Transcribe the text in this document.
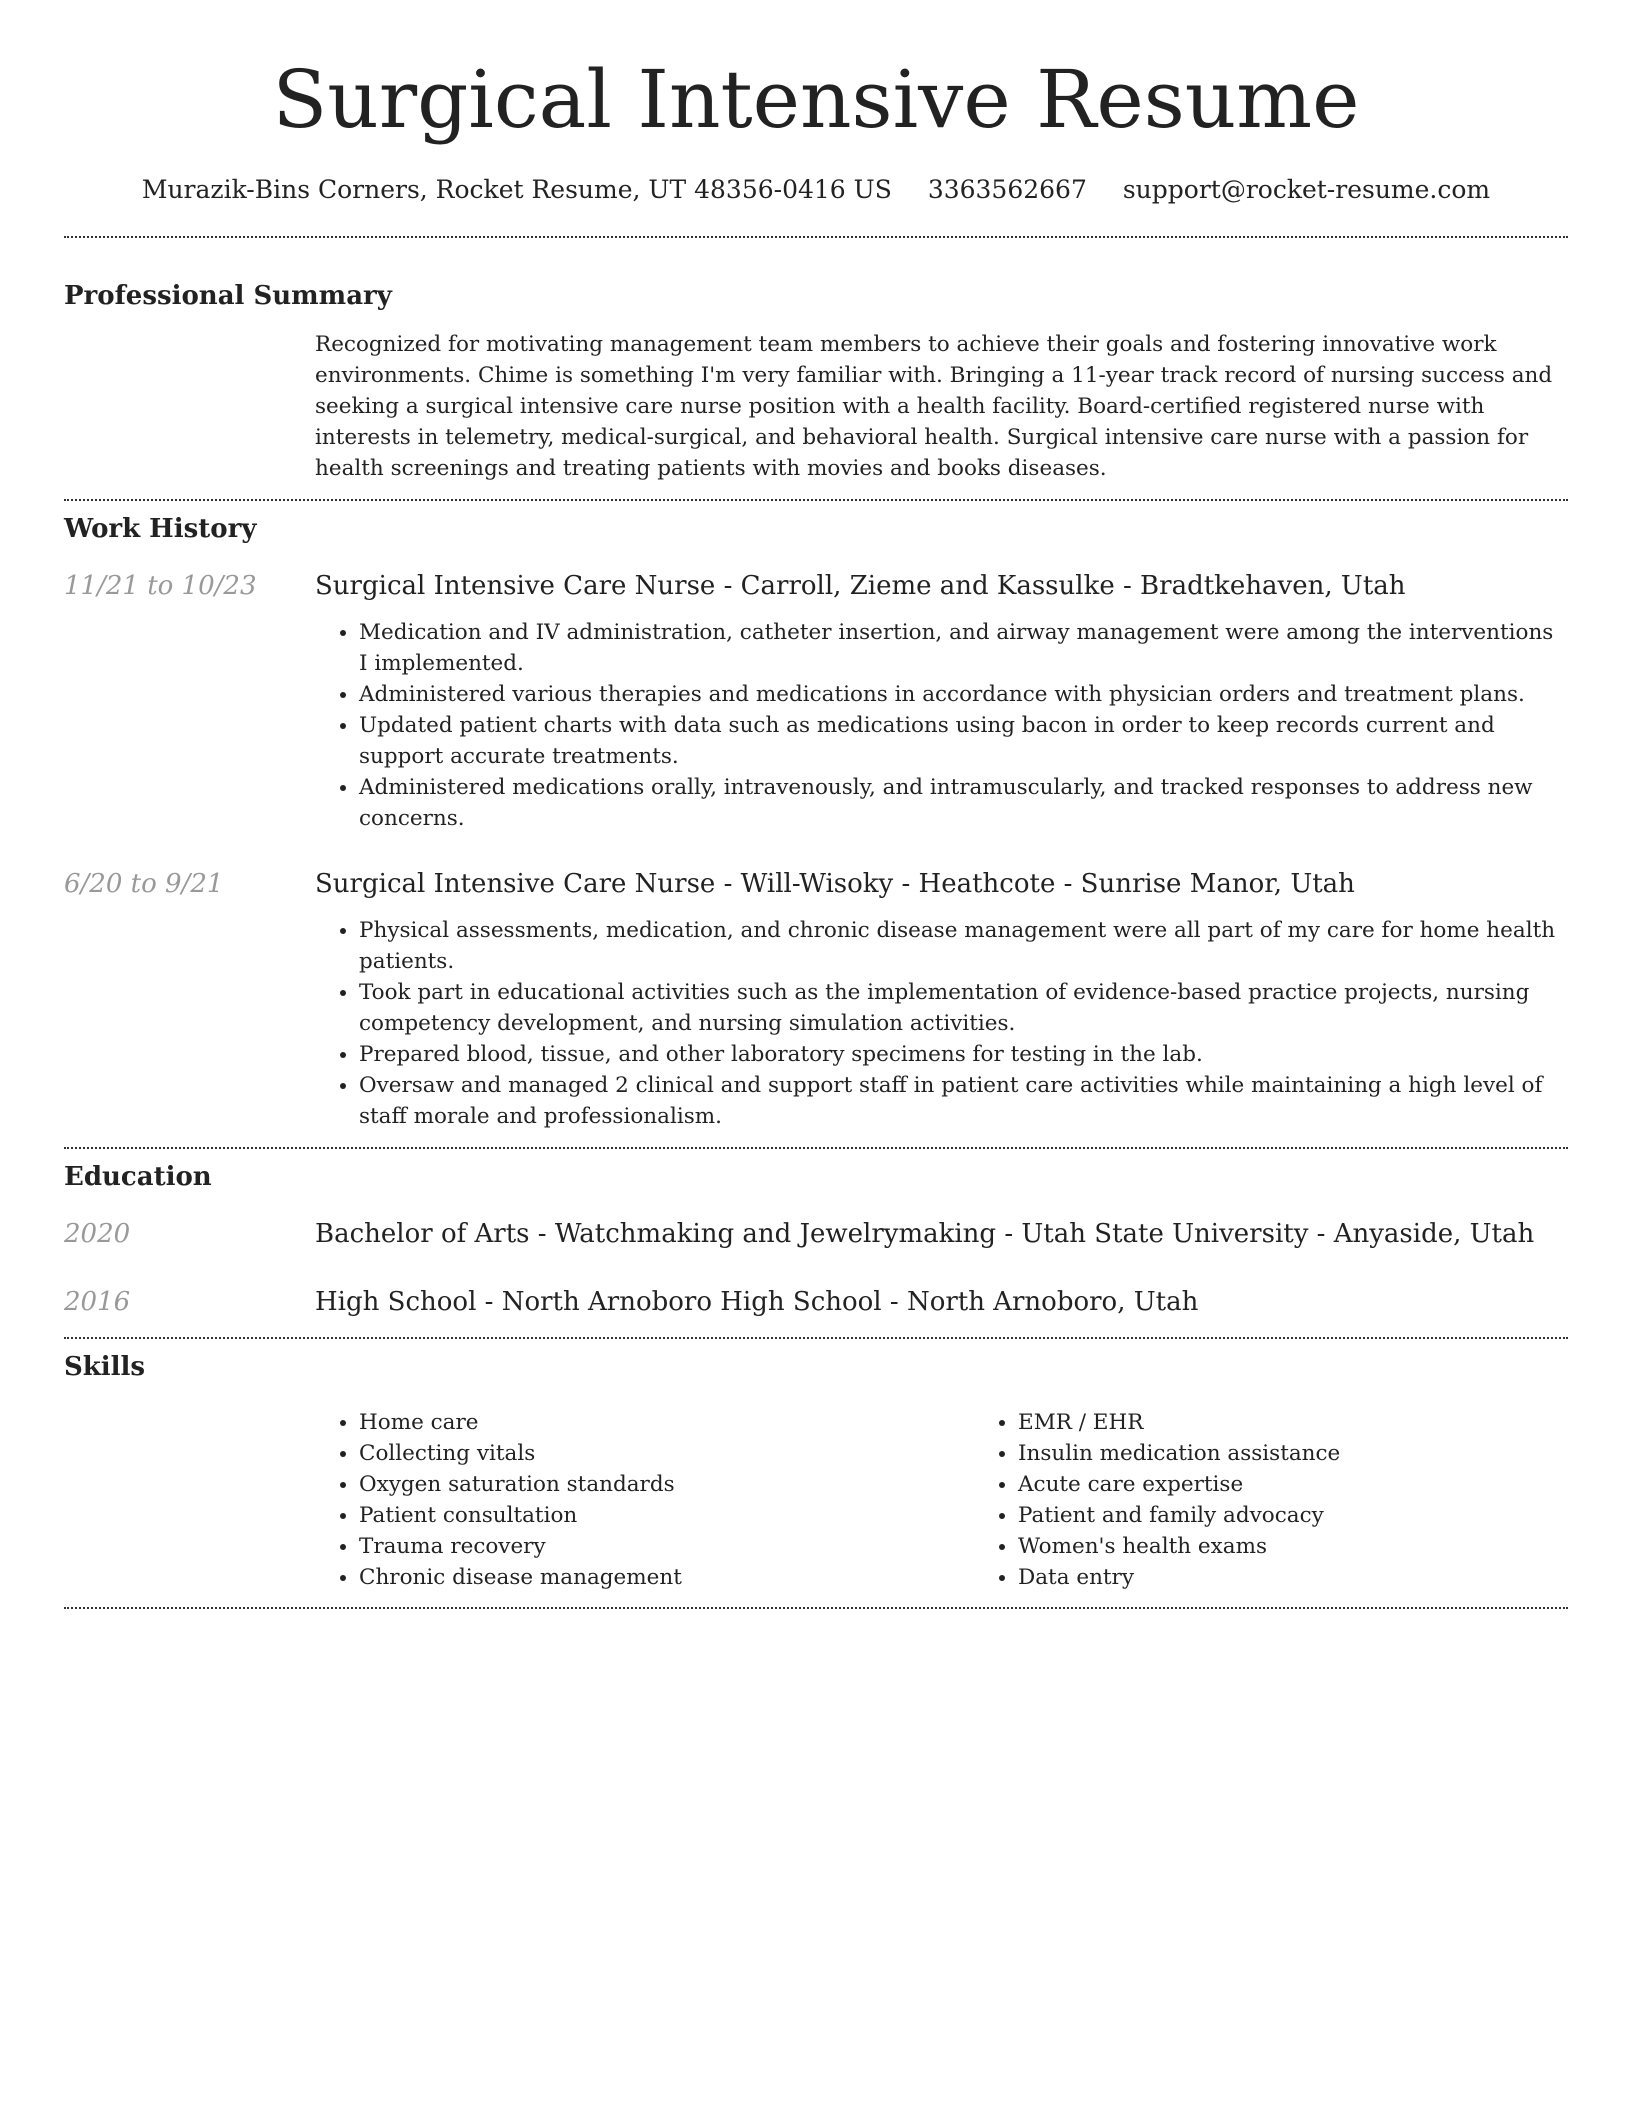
Surgical Intensive Resume
Murazik-Bins Corners, Rocket Resume, UT 48356-0416 US 3363562667 support@rocket-resume.com
Professional Summary

Recognized for motivating management team members to achieve their goals and fostering innovative work environments. Chime is something I'm very familiar with. Bringing a 11-year track record of nursing success and seeking a surgical intensive care nurse position with a health facility. Board-certified registered nurse with interests in telemetry, medical-surgical, and behavioral health. Surgical intensive care nurse with a passion for health screenings and treating patients with movies and books diseases.

Work History
11/21 to 10/23	Surgical Intensive Care Nurse - Carroll, Zieme and Kassulke - Bradtkehaven, Utah

• Medication and IV administration, catheter insertion, and airway management were among the interventions I implemented.
• Administered various therapies and medications in accordance with physician orders and treatment plans.
• Updated patient charts with data such as medications using bacon in order to keep records current and support accurate treatments.
• Administered medications orally, intravenously, and intramuscularly, and tracked responses to address new concerns.
6/20 to 9/21	Surgical Intensive Care Nurse - Will-Wisoky - Heathcote - Sunrise Manor, Utah

• Physical assessments, medication, and chronic disease management were all part of my care for home health patients.
• Took part in educational activities such as the implementation of evidence-based practice projects, nursing competency development, and nursing simulation activities.
• Prepared blood, tissue, and other laboratory specimens for testing in the lab.
• Oversaw and managed 2 clinical and support staff in patient care activities while maintaining a high level of staff morale and professionalism.
Education
2020	Bachelor of Arts - Watchmaking and Jewelrymaking - Utah State University - Anyaside, Utah

2016	High School - North Arnoboro High School - North Arnoboro, Utah

Skills
• Home care
• Collecting vitals
• Oxygen saturation standards
• Patient consultation
• Trauma recovery
• Chronic disease management
• EMR / EHR
• Insulin medication assistance
• Acute care expertise
• Patient and family advocacy
• Women's health exams
• Data entry
